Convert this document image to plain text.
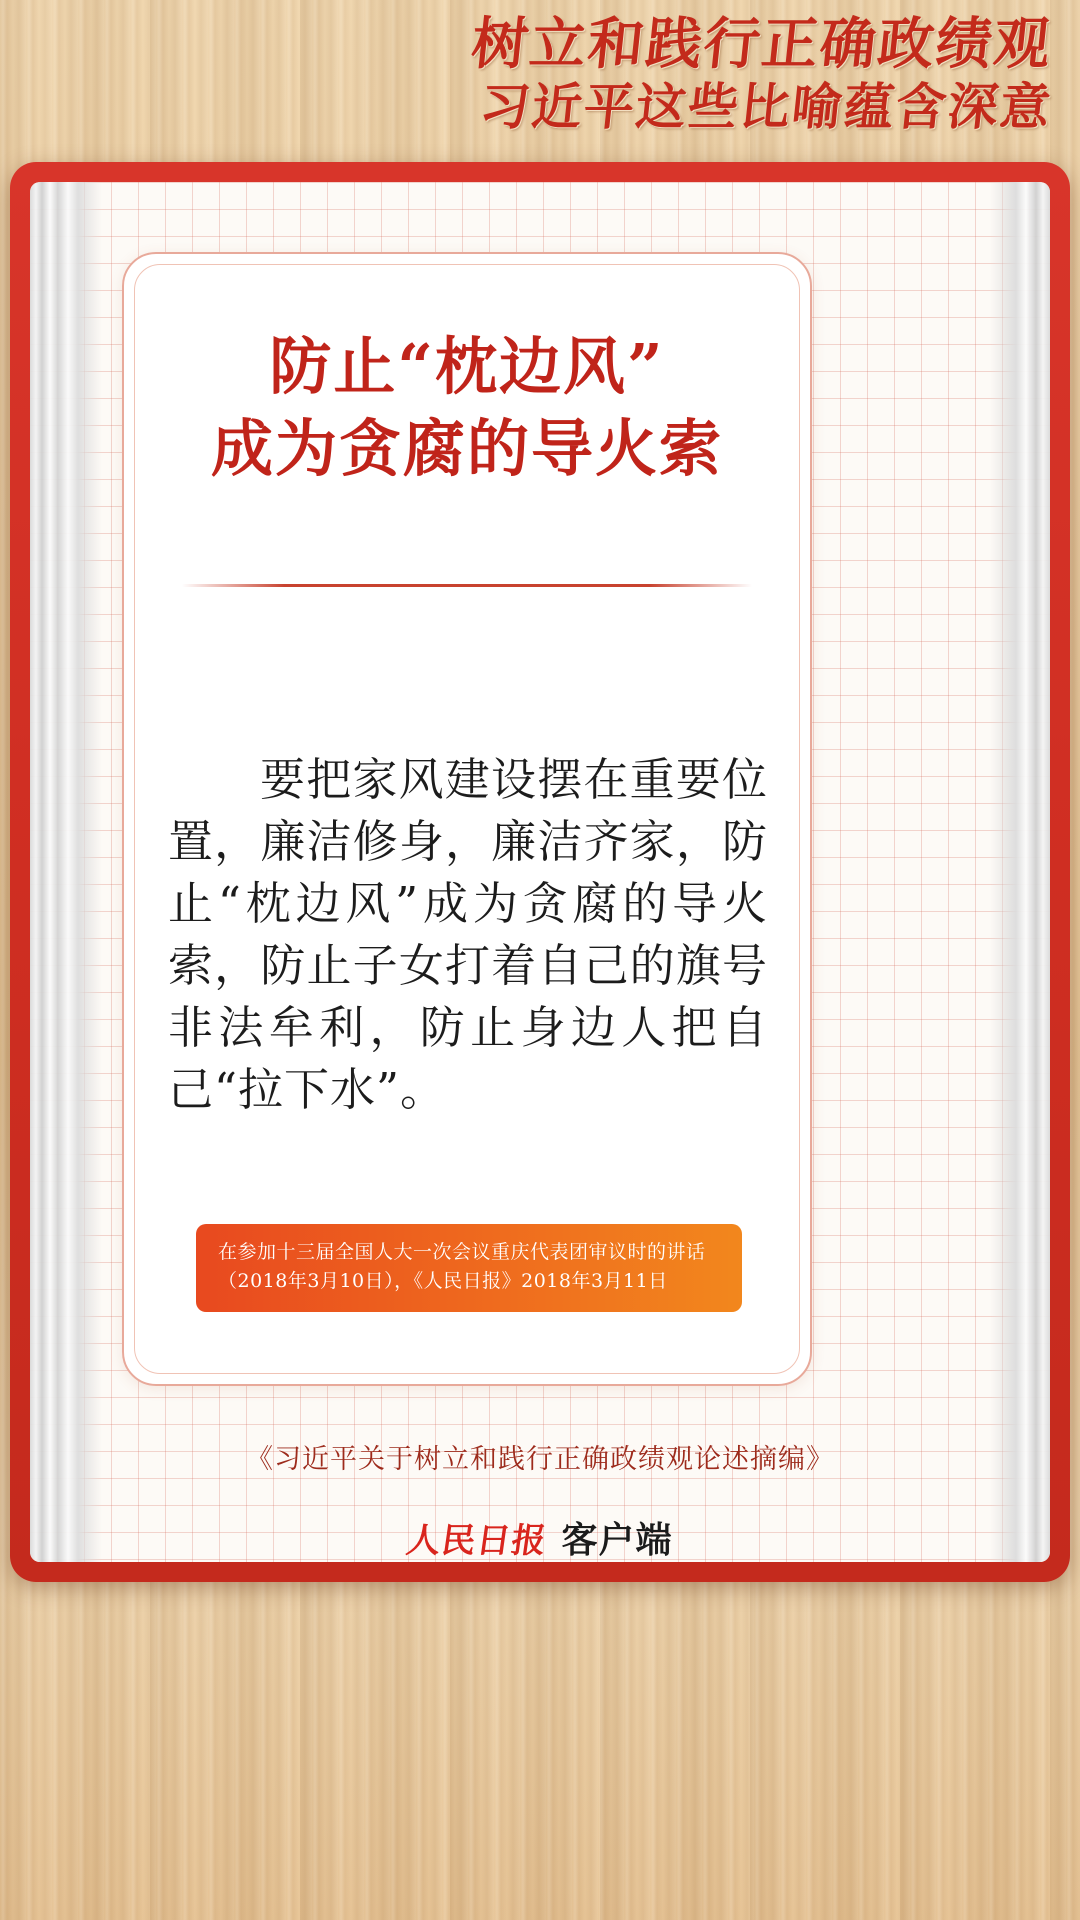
树立和践行正确政绩观
习近平这些比喻蕴含深意
防止“枕边风”
成为贪腐的导火索
要把家风建设摆在重要位置，廉洁修身，廉洁齐家，防止“枕边风”成为贪腐的导火索，防止子女打着自己的旗号非法牟利，防止身边人把自己“拉下水”。
在参加十三届全国人大一次会议重庆代表团审议时的讲话
（2018年3月10日），《人民日报》2018年3月11日
《习近平关于树立和践行正确政绩观论述摘编》
人民日报 客户端
